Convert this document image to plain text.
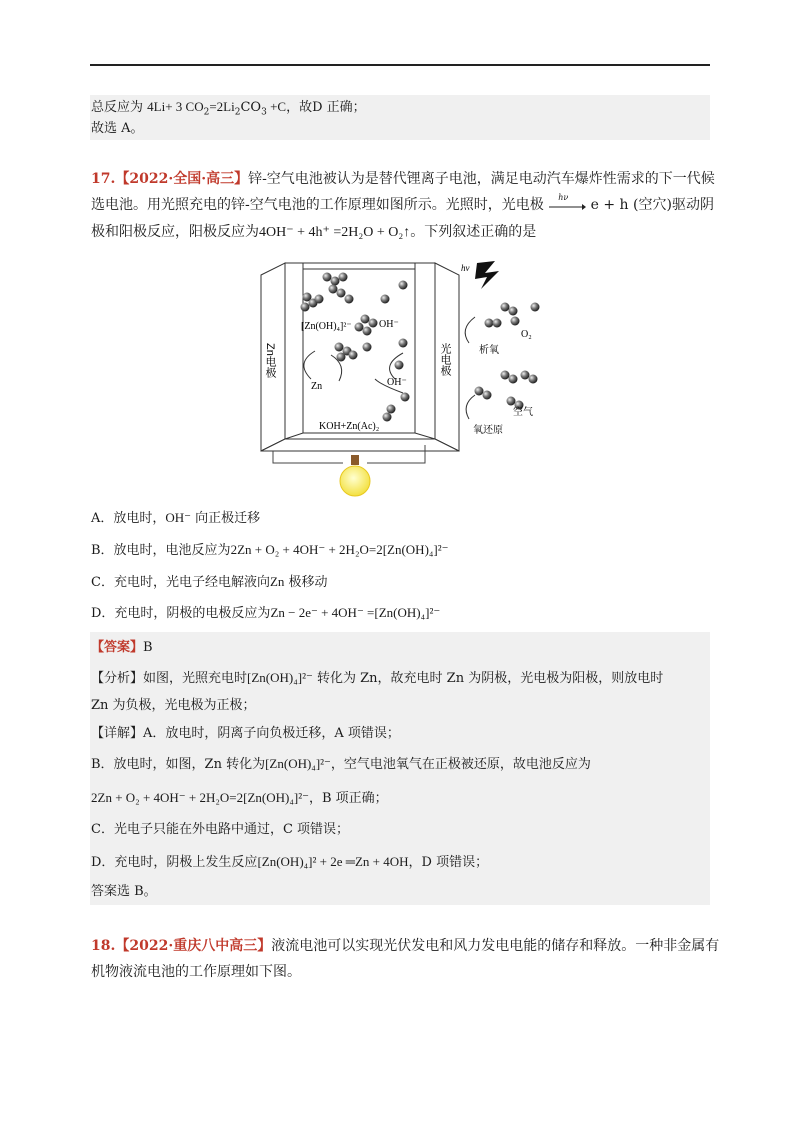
总反应为 4Li+ 3 $CO_2=2Li_2CO_3 +C$，故D 正确；
故选 A。
17.【2022·全国·高三】锌-空气电池被认为是替代锂离子电池，满足电动汽车爆炸性需求的下一代候
选电池。用光照充电的锌-空气电池的工作原理如图所示。光照时，光电极 hν e + h (空穴)驱动阴
极和阳极反应，阳极反应为4OH⁻ + 4h⁺ =2H₂O + O₂↑。下列叙述正确的是
Zn电极	光电极
[Zn(OH)₄]²⁻	OH⁻
Zn	OH⁻
KOH+Zn(Ac)₂
hν
O₂
析氧
空气
氧还原
A．放电时，OH⁻ 向正极迁移
B．放电时，电池反应为2Zn + O₂ + 4OH⁻ + 2H₂O=2[Zn(OH)₄]²⁻
C．充电时，光电子经电解液向Zn 极移动
D．充电时，阴极的电极反应为Zn − 2e⁻ + 4OH⁻ =[Zn(OH)₄]²⁻
【答案】B
【分析】如图，光照充电时[Zn(OH)₄]²⁻ 转化为 Zn，故充电时 Zn 为阴极，光电极为阳极，则放电时
Zn 为负极，光电极为正极；
【详解】A．放电时，阴离子向负极迁移，A 项错误；
B．放电时，如图，Zn 转化为[Zn(OH)₄]²⁻，空气电池氧气在正极被还原，故电池反应为
2Zn + O₂ + 4OH⁻ + 2H₂O=2[Zn(OH)₄]²⁻，B 项正确；
C．光电子只能在外电路中通过，C 项错误；
D．充电时，阴极上发生反应[Zn(OH)₄]² + 2e ═Zn + 4OH，D 项错误；
答案选 B。
18.【2022·重庆八中高三】液流电池可以实现光伏发电和风力发电电能的储存和释放。一种非金属有
机物液流电池的工作原理如下图。
